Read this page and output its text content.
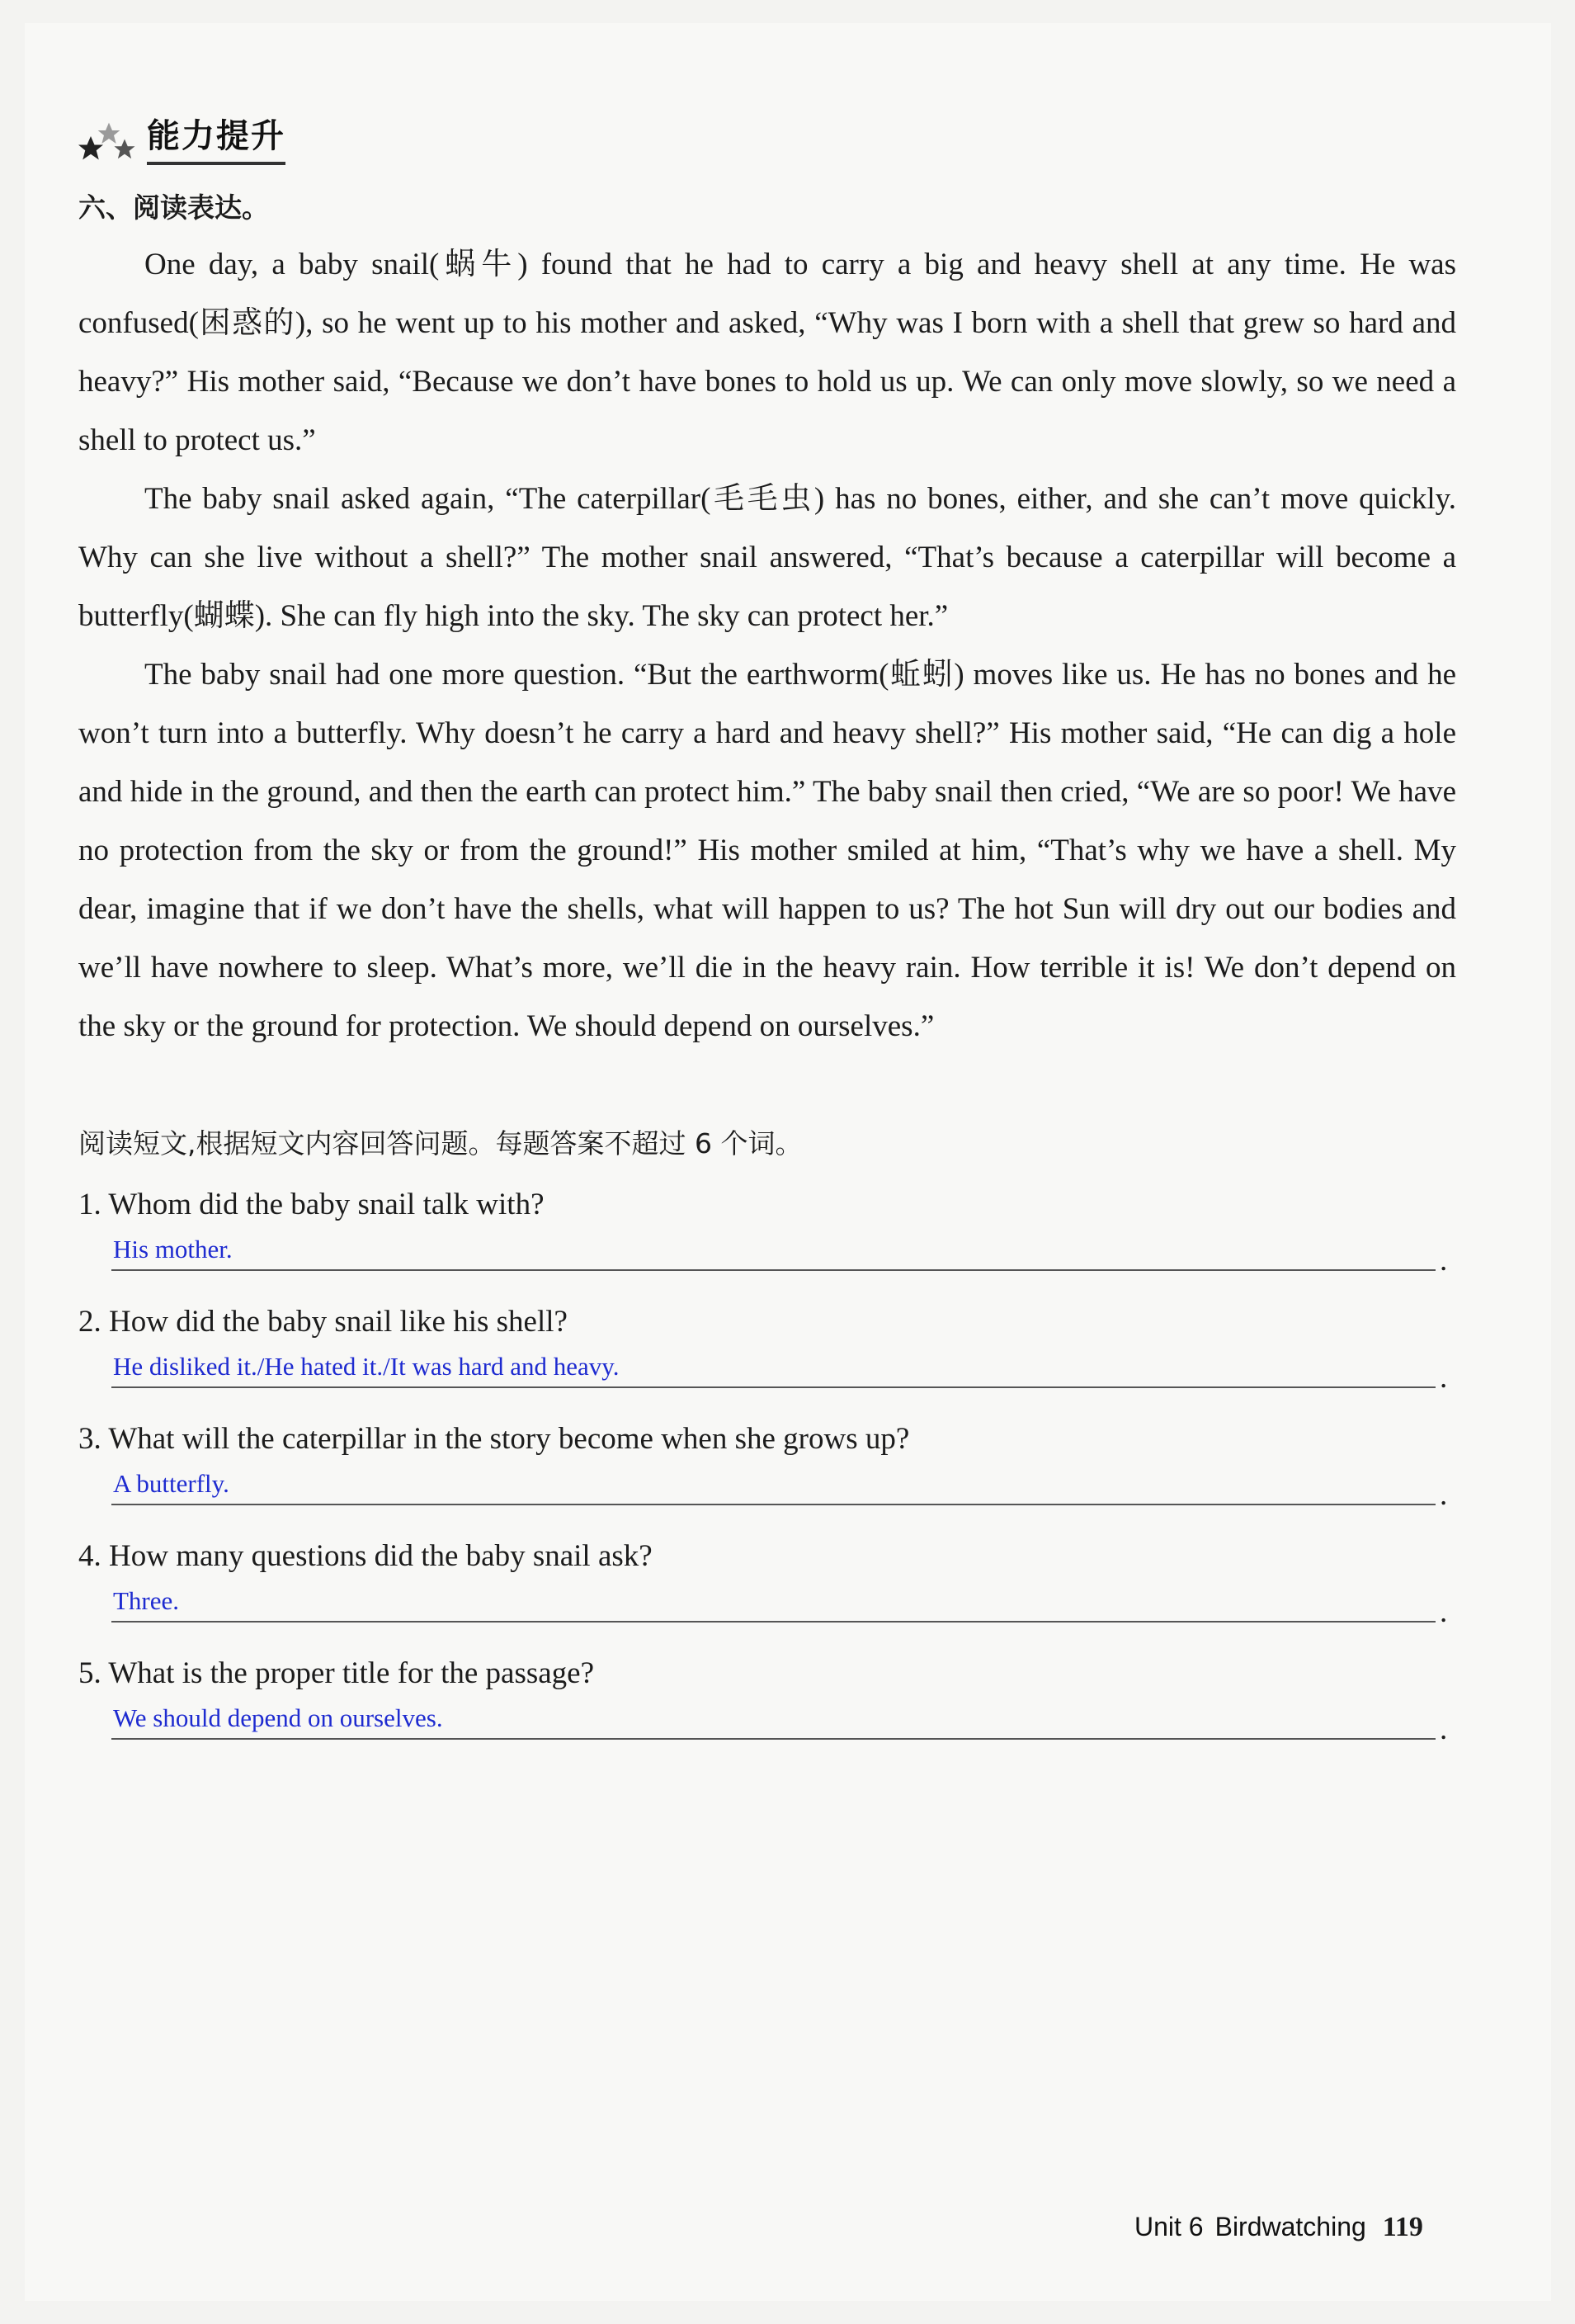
能力提升
六、阅读表达。

One day, a baby snail(蜗牛) found that he had to carry a big and heavy shell at any time. He was confused(困惑的), so he went up to his mother and asked, “Why was I born with a shell that grew so hard and heavy?” His mother said, “Because we don’t have bones to hold us up. We can only move slowly, so we need a shell to protect us.”

The baby snail asked again, “The caterpillar(毛毛虫) has no bones, either, and she can’t move quickly. Why can she live without a shell?” The mother snail answered, “That’s because a caterpillar will become a butterfly(蝴蝶). She can fly high into the sky. The sky can protect her.”

The baby snail had one more question. “But the earthworm(蚯蚓) moves like us. He has no bones and he won’t turn into a butterfly. Why doesn’t he carry a hard and heavy shell?” His mother said, “He can dig a hole and hide in the ground, and then the earth can protect him.” The baby snail then cried, “We are so poor! We have no protection from the sky or from the ground!” His mother smiled at him, “That’s why we have a shell. My dear, imagine that if we don’t have the shells, what will happen to us? The hot Sun will dry out our bodies and we’ll have nowhere to sleep. What’s more, we’ll die in the heavy rain. How terrible it is! We don’t depend on the sky or the ground for protection. We should depend on ourselves.”

阅读短文,根据短文内容回答问题。每题答案不超过 6 个词。
1. Whom did the baby snail talk with?
His mother.	.
2. How did the baby snail like his shell?
He disliked it./He hated it./It was hard and heavy.	.
3. What will the caterpillar in the story become when she grows up?
A butterfly.	.
4. How many questions did the baby snail ask?
Three.	.
5. What is the proper title for the passage?
We should depend on ourselves.	.
Unit 6 Birdwatching 119
